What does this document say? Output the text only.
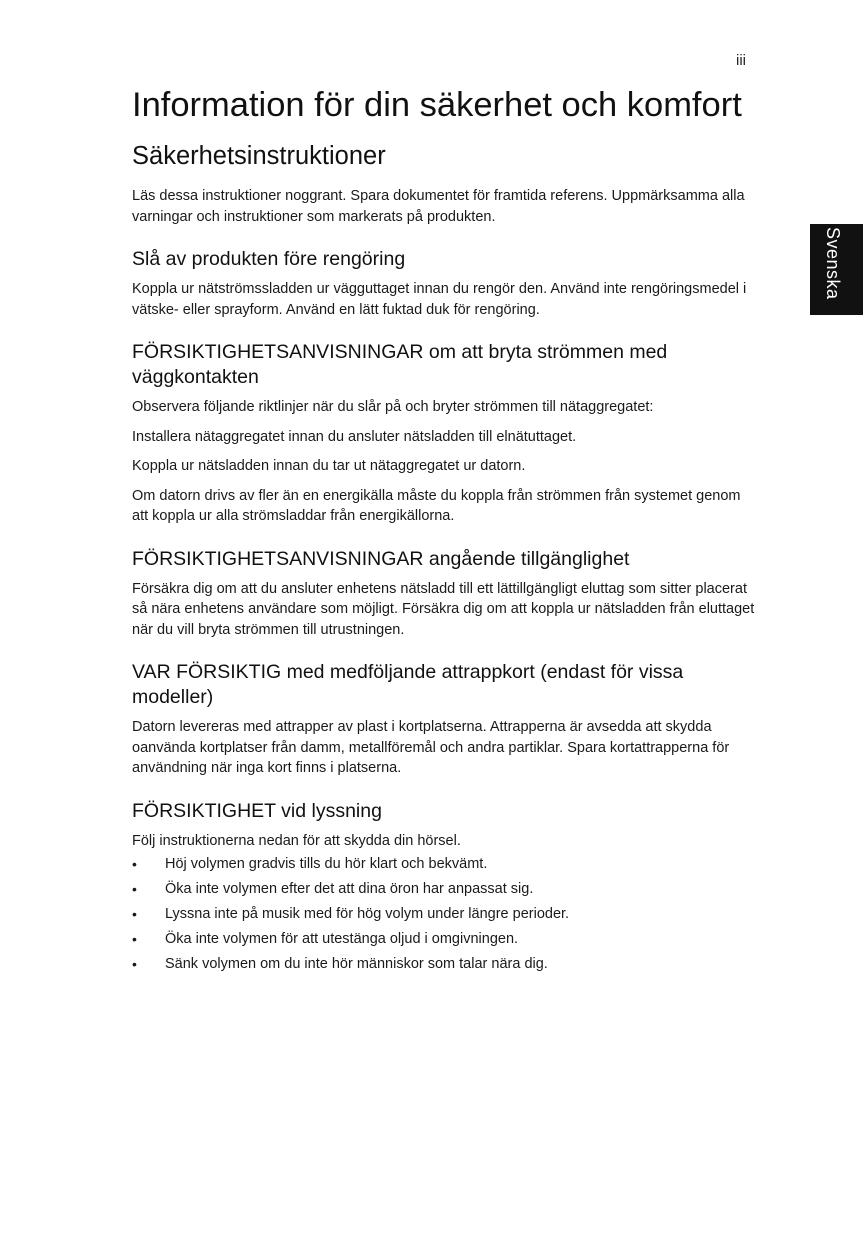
iii
Svenska
Information för din säkerhet och komfort
Säkerhetsinstruktioner

Läs dessa instruktioner noggrant. Spara dokumentet för framtida referens. Uppmärksamma alla varningar och instruktioner som markerats på produkten.

Slå av produkten före rengöring

Koppla ur nätströmssladden ur vägguttaget innan du rengör den. Använd inte rengöringsmedel i vätske- eller sprayform. Använd en lätt fuktad duk för rengöring.

FÖRSIKTIGHETSANVISNINGAR om att bryta strömmen med väggkontakten

Observera följande riktlinjer när du slår på och bryter strömmen till nätaggregatet:

Installera nätaggregatet innan du ansluter nätsladden till elnätuttaget.

Koppla ur nätsladden innan du tar ut nätaggregatet ur datorn.

Om datorn drivs av fler än en energikälla måste du koppla från strömmen från systemet genom att koppla ur alla strömsladdar från energikällorna.

FÖRSIKTIGHETSANVISNINGAR angående tillgänglighet

Försäkra dig om att du ansluter enhetens nätsladd till ett lättillgängligt eluttag som sitter placerat så nära enhetens användare som möjligt. Försäkra dig om att koppla ur nätsladden från eluttaget när du vill bryta strömmen till utrustningen.

VAR FÖRSIKTIG med medföljande attrappkort (endast för vissa modeller)

Datorn levereras med attrapper av plast i kortplatserna. Attrapperna är avsedda att skydda oanvända kortplatser från damm, metallföremål och andra partiklar. Spara kortattrapperna för användning när inga kort finns i platserna.

FÖRSIKTIGHET vid lyssning

Följ instruktionerna nedan för att skydda din hörsel.

• Höj volymen gradvis tills du hör klart och bekvämt.
• Öka inte volymen efter det att dina öron har anpassat sig.
• Lyssna inte på musik med för hög volym under längre perioder.
• Öka inte volymen för att utestänga oljud i omgivningen.
• Sänk volymen om du inte hör människor som talar nära dig.
